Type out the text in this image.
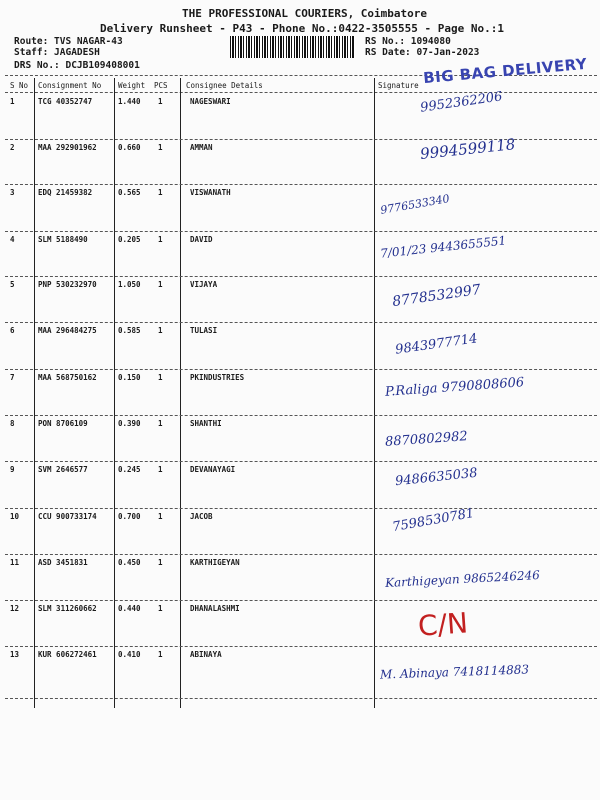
THE PROFESSIONAL COURIERS, Coimbatore
Delivery Runsheet - P43 - Phone No.:0422-3505555 - Page No.:1
Route: TVS NAGAR-43
Staff: JAGADESH
DRS No.: DCJB109408001
RS No.: 1094080
RS Date: 07-Jan-2023
S No Consignment No Weight PCS Consignee Details	Signature BIG BAG DELIVERY
1	TCG 40352747	1.440 1	NAGESWARI	9952362206
2	MAA 292901962	0.660 1	AMMAN	9994599118
3	EDQ 21459382	0.565 1	VISWANATH	9776533340
4	SLM 5188490	0.205 1	DAVID	7/01/23 9443655551
5	PNP 530232970	1.050 1	VIJAYA	8778532997
6	MAA 296484275	0.585 1	TULASI
9843977714
7	MAA 568750162	0.150 1	PKINDUSTRIES	P.Raliga 9790808606
8	PON 8706109	0.390 1	SHANTHI
8870802982
9	SVM 2646577	0.245 1	DEVANAYAGI	9486635038
10	CCU 900733174	0.700 1	JACOB	7598530781
11	ASD 3451831	0.450 1	KARTHIGEYAN
Karthigeyan 9865246246
12	SLM 311260662	0.440 1	DHANALASHMI	C/N
13	KUR 606272461	0.410 1	ABINAYA
M. Abinaya 7418114883
